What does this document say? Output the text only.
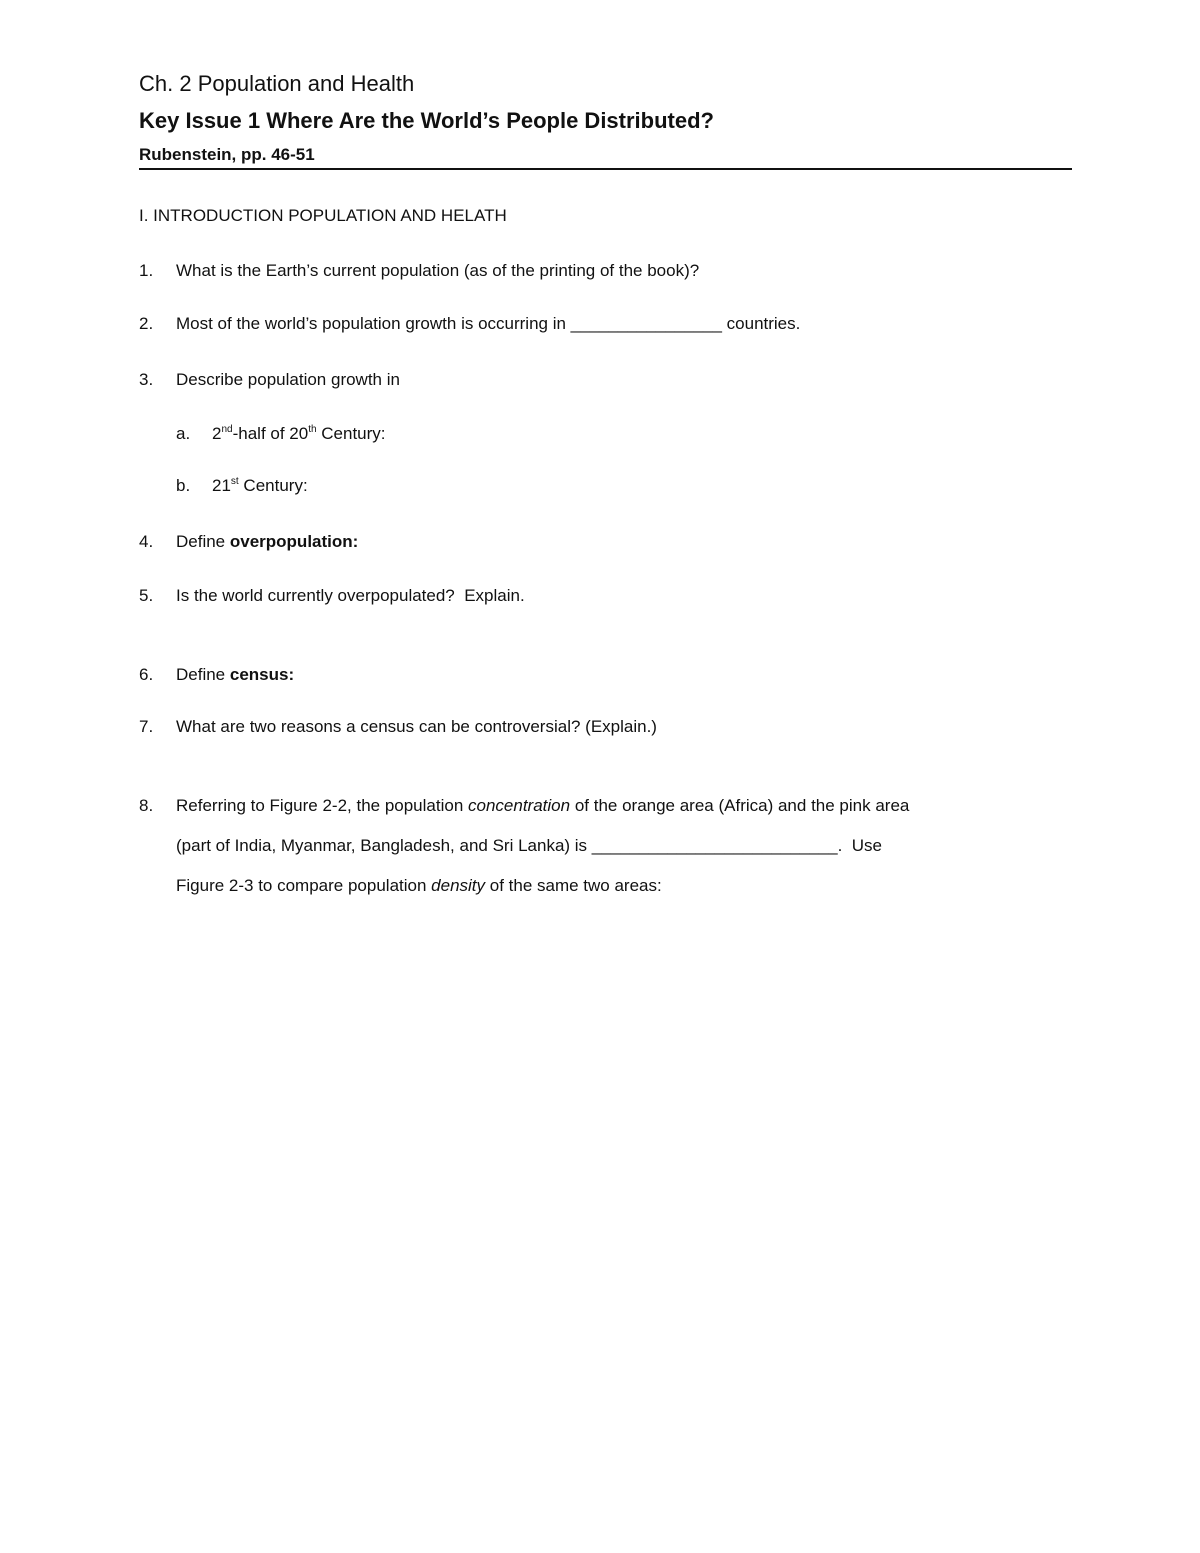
Ch. 2 Population and Health
Key Issue 1 Where Are the World’s People Distributed?
Rubenstein, pp. 46-51
I. INTRODUCTION POPULATION AND HELATH
1. What is the Earth’s current population (as of the printing of the book)?
2. Most of the world’s population growth is occurring in ________________ countries.
3. Describe population growth in
a. 2nd-half of 20th Century:
b. 21st Century:
4. Define overpopulation:
5. Is the world currently overpopulated?  Explain.
6. Define census:
7. What are two reasons a census can be controversial? (Explain.)
8. Referring to Figure 2-2, the population concentration of the orange area (Africa) and the pink area
(part of India, Myanmar, Bangladesh, and Sri Lanka) is __________________________.  Use
Figure 2-3 to compare population density of the same two areas:
